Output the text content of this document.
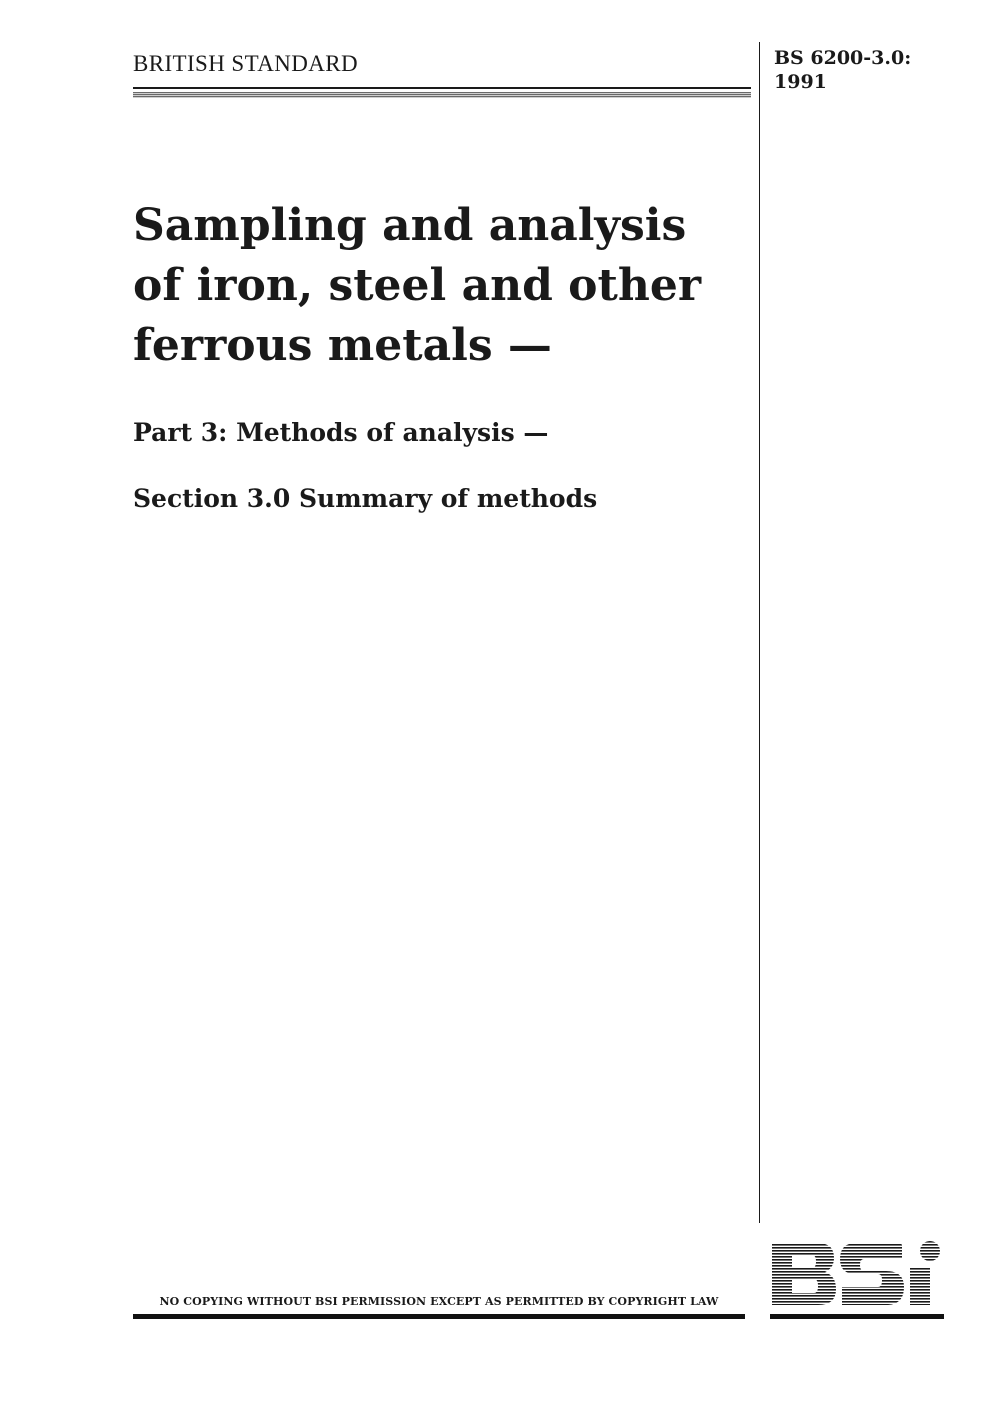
BRITISH STANDARD	BS 6200-3.0:
1991
Sampling and analysis
of iron, steel and other
ferrous metals —
Part 3: Methods of analysis —
Section 3.0 Summary of methods
NO COPYING WITHOUT BSI PERMISSION EXCEPT AS PERMITTED BY COPYRIGHT LAW
